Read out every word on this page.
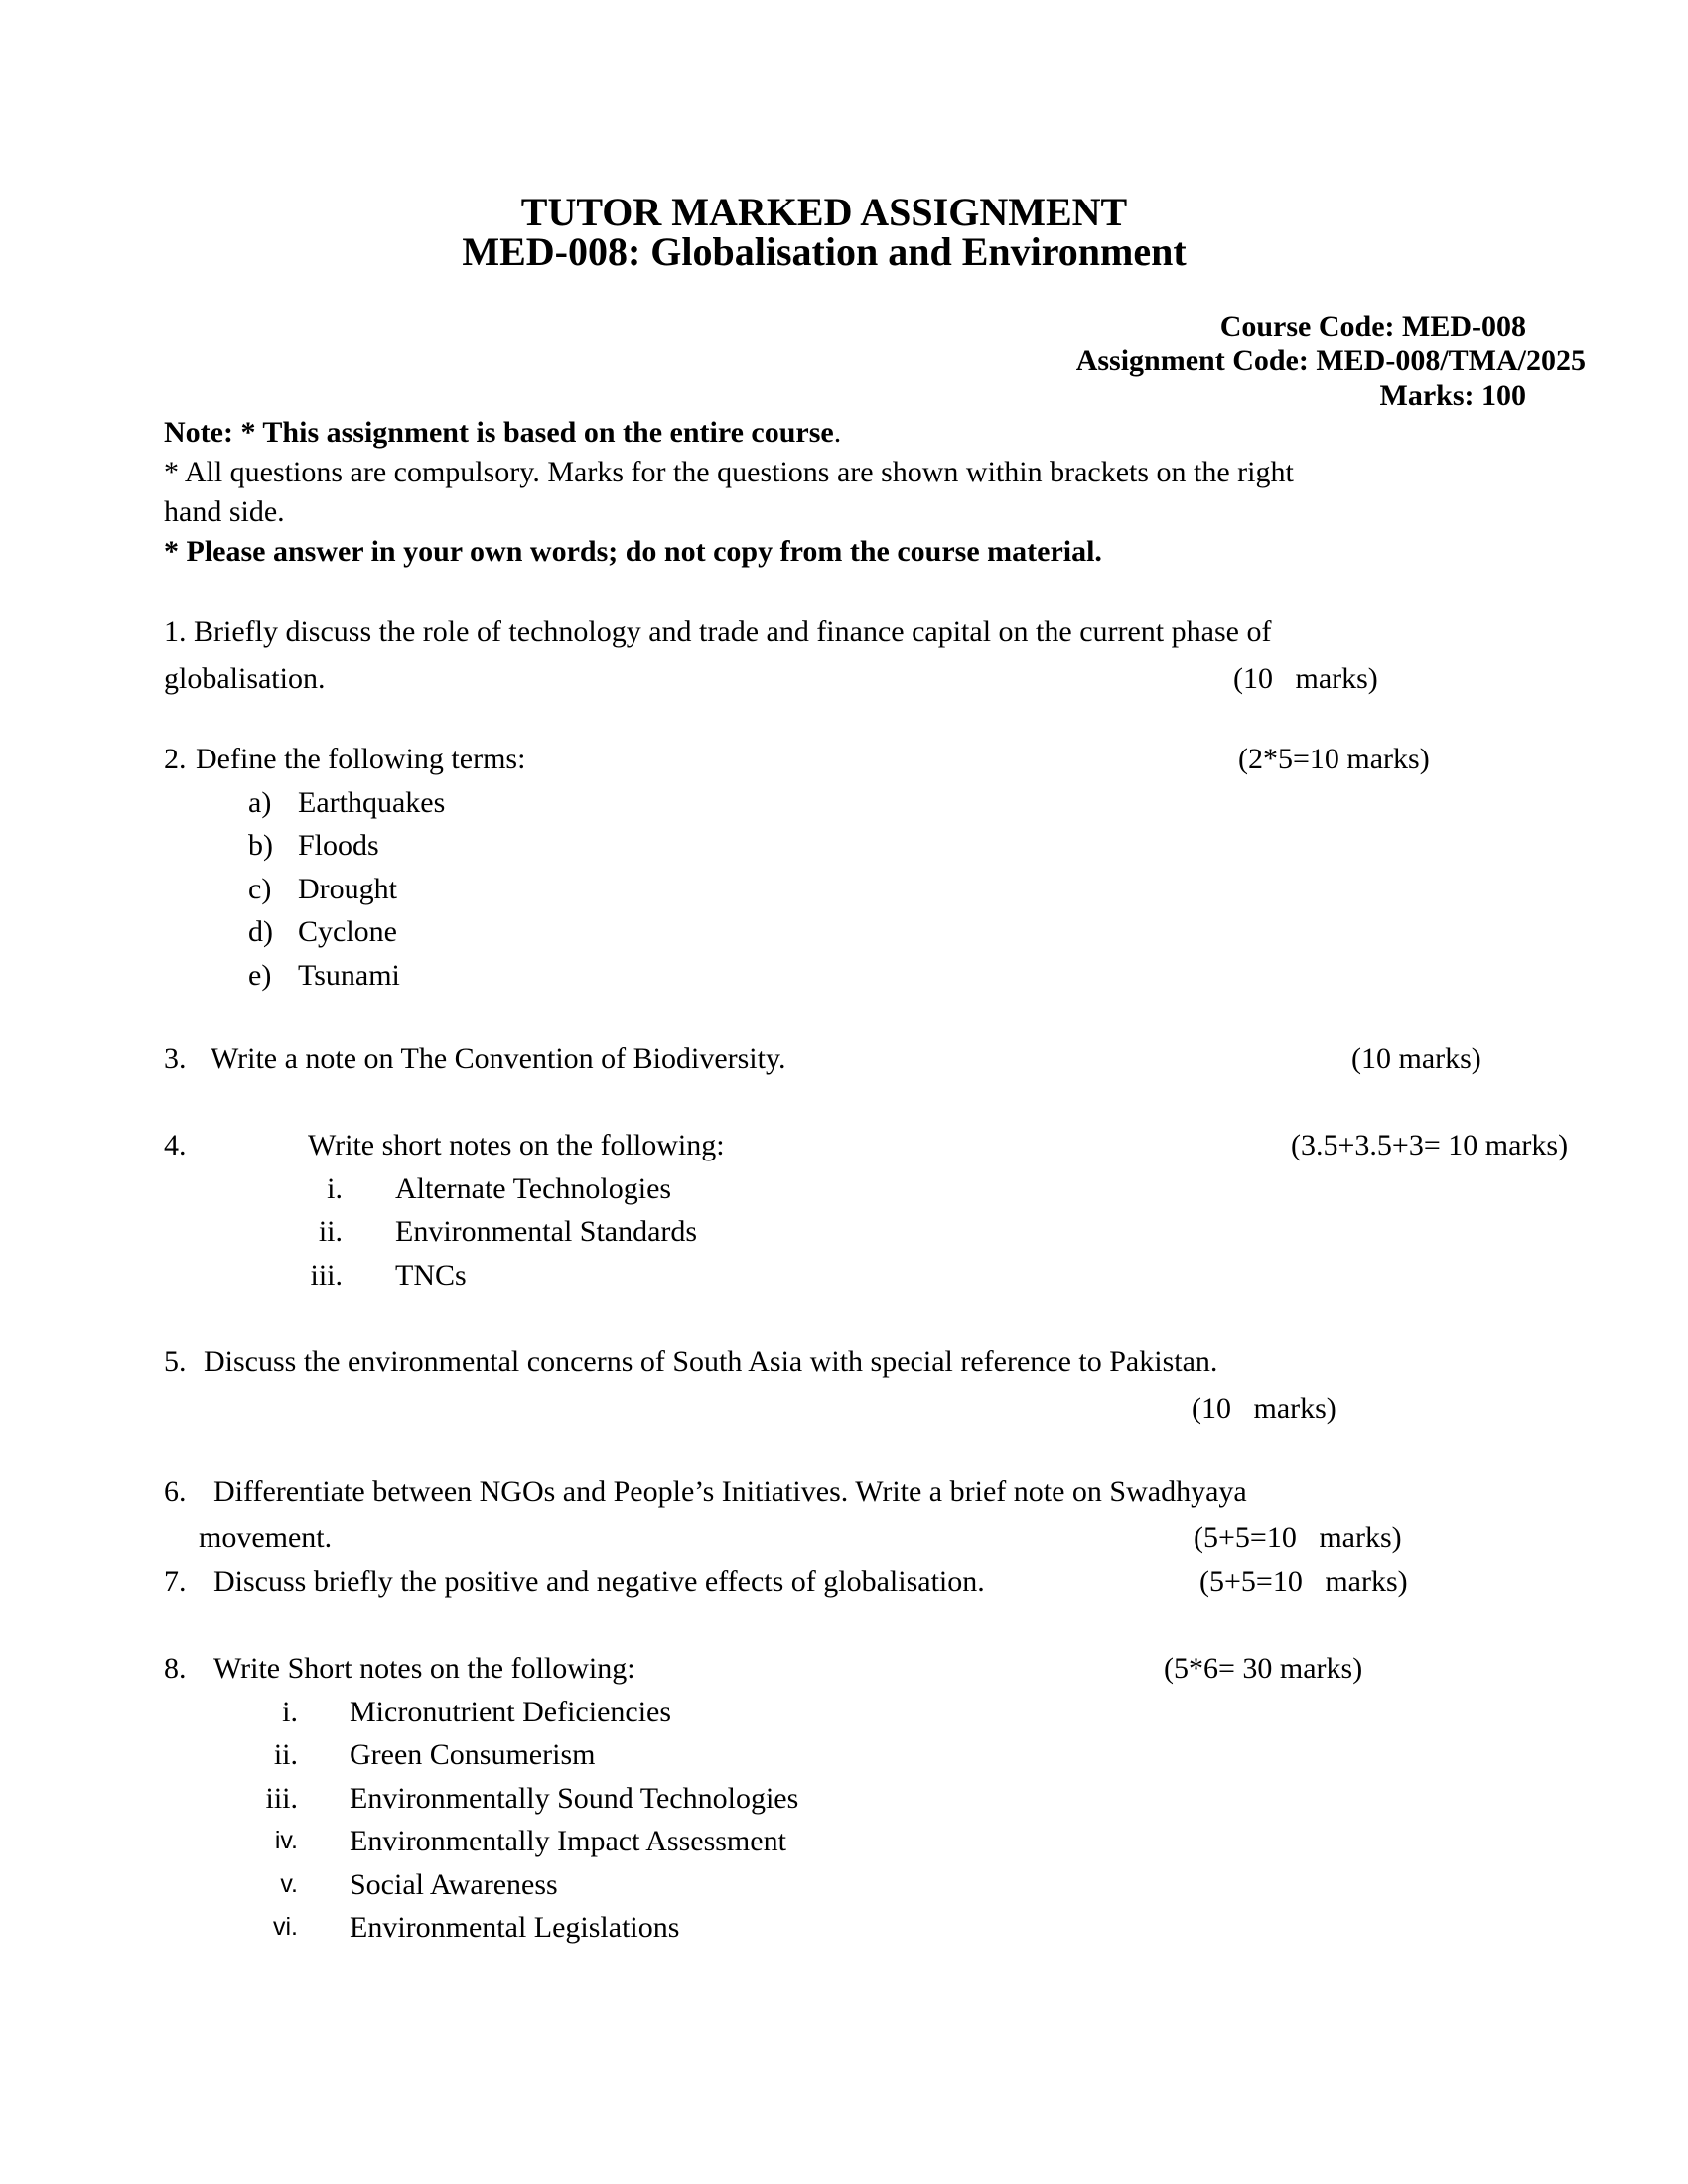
TUTOR MARKED ASSIGNMENT
MED-008: Globalisation and Environment
Course Code: MED-008
Assignment Code: MED-008/TMA/2025
Marks: 100
Note: * This assignment is based on the entire course.
* All questions are compulsory. Marks for the questions are shown within brackets on the right
hand side.
* Please answer in your own words; do not copy from the course material.
1. Briefly discuss the role of technology and trade and finance capital on the current phase of
globalisation.	(10   marks)
2. Define the following terms:	(2*5=10 marks)
a) Earthquakes
b) Floods
c) Drought
d) Cyclone
e) Tsunami
3. Write a note on The Convention of Biodiversity.	(10 marks)
4.	Write short notes on the following:	(3.5+3.5+3= 10 marks)
i. Alternate Technologies
ii. Environmental Standards
iii. TNCs
5. Discuss the environmental concerns of South Asia with special reference to Pakistan.
(10   marks)
6. Differentiate between NGOs and People’s Initiatives. Write a brief note on Swadhyaya
movement.	(5+5=10   marks)
7. Discuss briefly the positive and negative effects of globalisation.	(5+5=10   marks)
8. Write Short notes on the following:	(5*6= 30 marks)
i. Micronutrient Deficiencies
ii. Green Consumerism
iii. Environmentally Sound Technologies
iv. Environmentally Impact Assessment
v. Social Awareness
vi. Environmental Legislations
